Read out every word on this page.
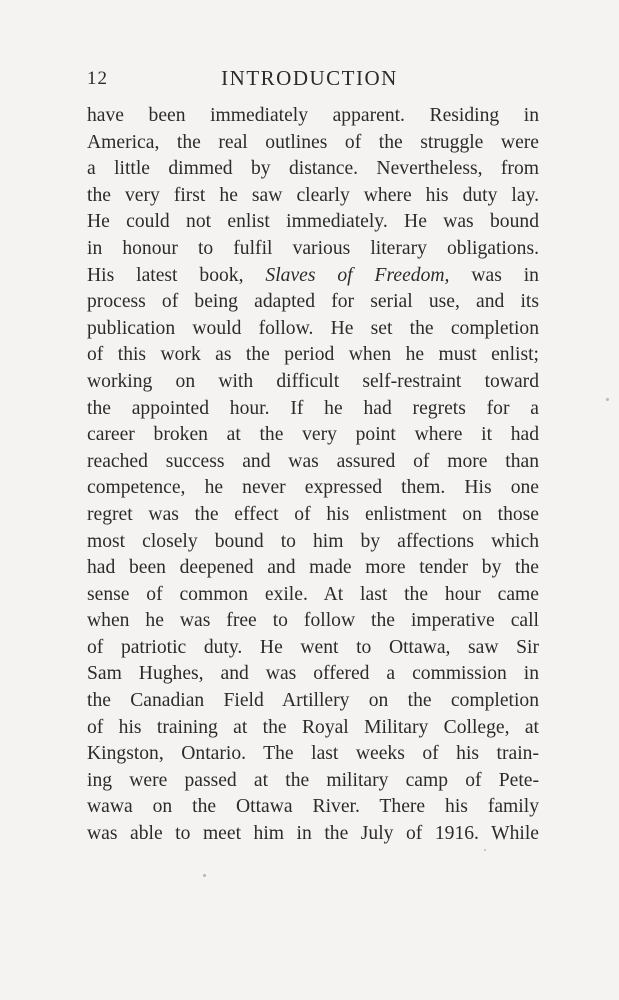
12	INTRODUCTION
have been immediately apparent. Residing in
America, the real outlines of the struggle were
a little dimmed by distance. Nevertheless, from
the very first he saw clearly where his duty lay.
He could not enlist immediately. He was bound
in honour to fulfil various literary obligations.
His latest book, Slaves of Freedom, was in
process of being adapted for serial use, and its
publication would follow. He set the completion
of this work as the period when he must enlist;
working on with difficult self-restraint toward
the appointed hour. If he had regrets for a
career broken at the very point where it had
reached success and was assured of more than
competence, he never expressed them. His one
regret was the effect of his enlistment on those
most closely bound to him by affections which
had been deepened and made more tender by the
sense of common exile. At last the hour came
when he was free to follow the imperative call
of patriotic duty. He went to Ottawa, saw Sir
Sam Hughes, and was offered a commission in
the Canadian Field Artillery on the completion
of his training at the Royal Military College, at
Kingston, Ontario. The last weeks of his train-
ing were passed at the military camp of Pete-
wawa on the Ottawa River. There his family
was able to meet him in the July of 1916. While
